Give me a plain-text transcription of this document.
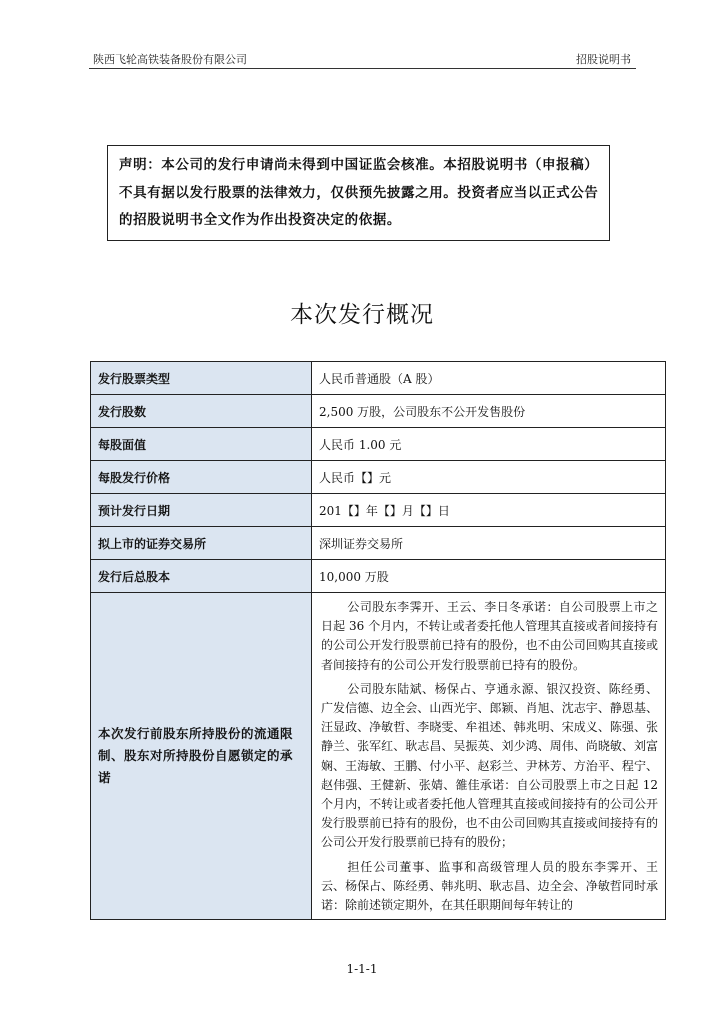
陕西飞轮高铁装备股份有限公司	招股说明书
声明：本公司的发行申请尚未得到中国证监会核准。本招股说明书（申报稿）不具有据以发行股票的法律效力，仅供预先披露之用。投资者应当以正式公告的招股说明书全文作为作出投资决定的依据。
本次发行概况
发行股票类型	人民币普通股（A 股）
发行股数	2,500 万股，公司股东不公开发售股份
每股面值	人民币 1.00 元
每股发行价格	人民币【】元
预计发行日期	201【】年【】月【】日
拟上市的证券交易所	深圳证券交易所
发行后总股本	10,000 万股
本次发行前股东所持股份的流通限制、股东对所持股份自愿锁定的承诺	公司股东李霁开、王云、李日冬承诺：自公司股票上市之日起 36 个月内，不转让或者委托他人管理其直接或者间接持有的公司公开发行股票前已持有的股份，也不由公司回购其直接或者间接持有的公司公开发行股票前已持有的股份。

公司股东陆斌、杨保占、亨通永源、银汉投资、陈经勇、广发信德、边全会、山西光宇、郎颖、肖旭、沈志宇、静恩基、汪显政、净敏哲、李晓雯、牟祖述、韩兆明、宋成义、陈强、张静兰、张军红、耿志昌、吴振英、刘少鸿、周伟、尚晓敏、刘富娴、王海敏、王鹏、付小平、赵彩兰、尹林芳、方治平、程宁、赵伟强、王健新、张婧、雒佳承诺：自公司股票上市之日起 12 个月内，不转让或者委托他人管理其直接或间接持有的公司公开发行股票前已持有的股份，也不由公司回购其直接或间接持有的公司公开发行股票前已持有的股份；

担任公司董事、监事和高级管理人员的股东李霁开、王云、杨保占、陈经勇、韩兆明、耿志昌、边全会、净敏哲同时承诺：除前述锁定期外，在其任职期间每年转让的

1-1-1
